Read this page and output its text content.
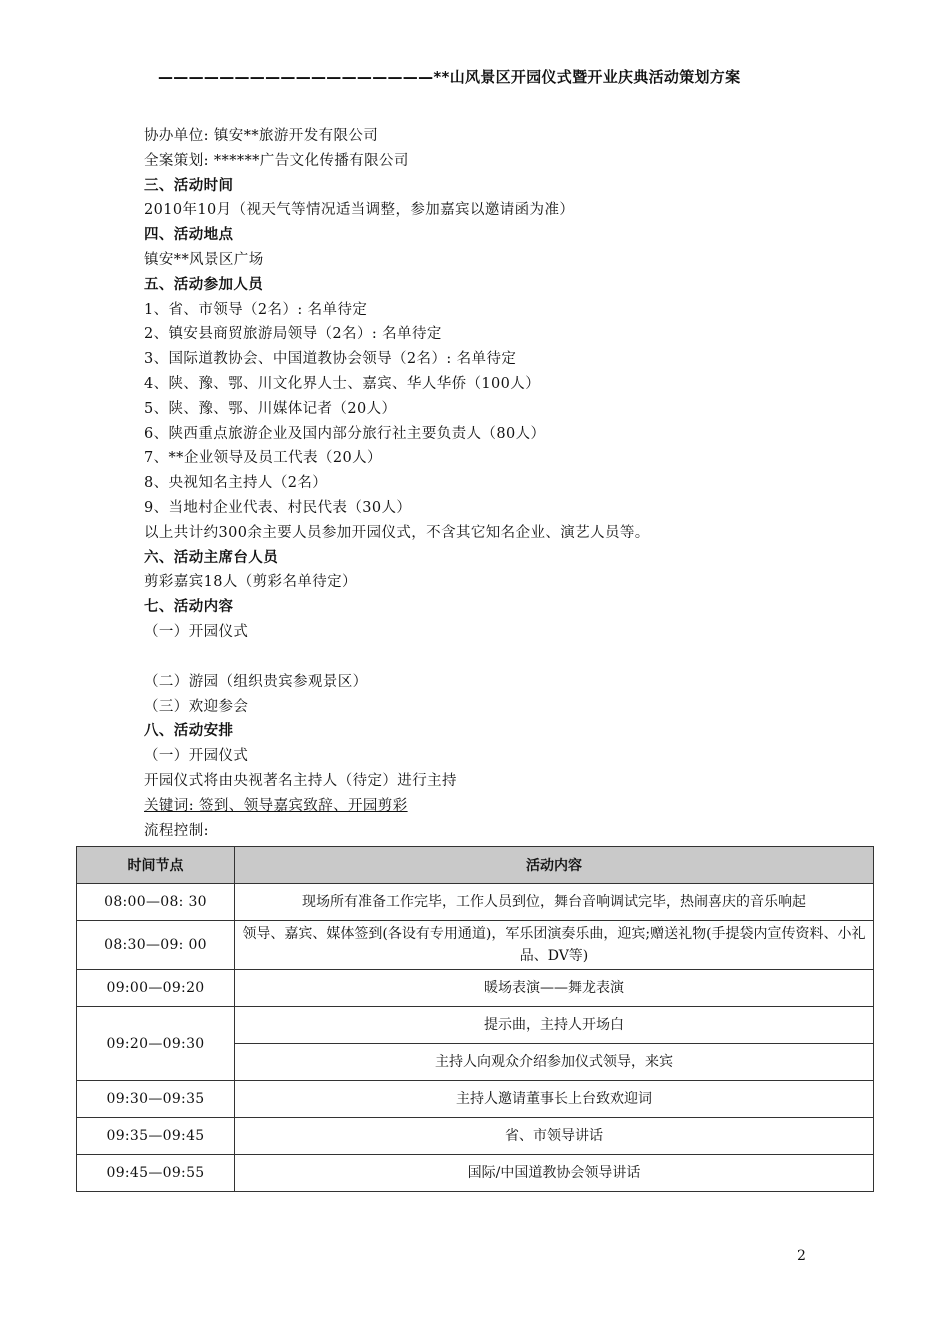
——————————————————**山风景区开园仪式暨开业庆典活动策划方案
协办单位: 镇安**旅游开发有限公司
全案策划: ******广告文化传播有限公司
三、活动时间
2010年10月（视天气等情况适当调整，参加嘉宾以邀请函为准）
四、活动地点
镇安**风景区广场
五、活动参加人员
1、省、市领导（2名）: 名单待定
2、镇安县商贸旅游局领导（2名）: 名单待定
3、国际道教协会、中国道教协会领导（2名）: 名单待定
4、陕、豫、鄂、川文化界人士、嘉宾、华人华侨（100人）
5、陕、豫、鄂、川媒体记者（20人）
6、陕西重点旅游企业及国内部分旅行社主要负责人（80人）
7、**企业领导及员工代表（20人）
8、央视知名主持人（2名）
9、当地村企业代表、村民代表（30人）
以上共计约300余主要人员参加开园仪式，不含其它知名企业、演艺人员等。
六、活动主席台人员
剪彩嘉宾18人（剪彩名单待定）
七、活动内容
（一）开园仪式
（二）游园（组织贵宾参观景区）
（三）欢迎参会
八、活动安排
（一）开园仪式
开园仪式将由央视著名主持人（待定）进行主持
关键词: 签到、领导嘉宾致辞、开园剪彩
流程控制:
时间节点	活动内容
08:00—08: 30	现场所有准备工作完毕，工作人员到位，舞台音响调试完毕，热闹喜庆的音乐响起
08:30—09: 00	领导、嘉宾、媒体签到(各设有专用通道)，军乐团演奏乐曲，迎宾;赠送礼物(手提袋内宣传资料、小礼品、DV等)
09:00—09:20	暖场表演——舞龙表演
09:20—09:30	提示曲，主持人开场白
	主持人向观众介绍参加仪式领导，来宾
09:30—09:35	主持人邀请董事长上台致欢迎词
09:35—09:45	省、市领导讲话
09:45—09:55	国际/中国道教协会领导讲话
2
